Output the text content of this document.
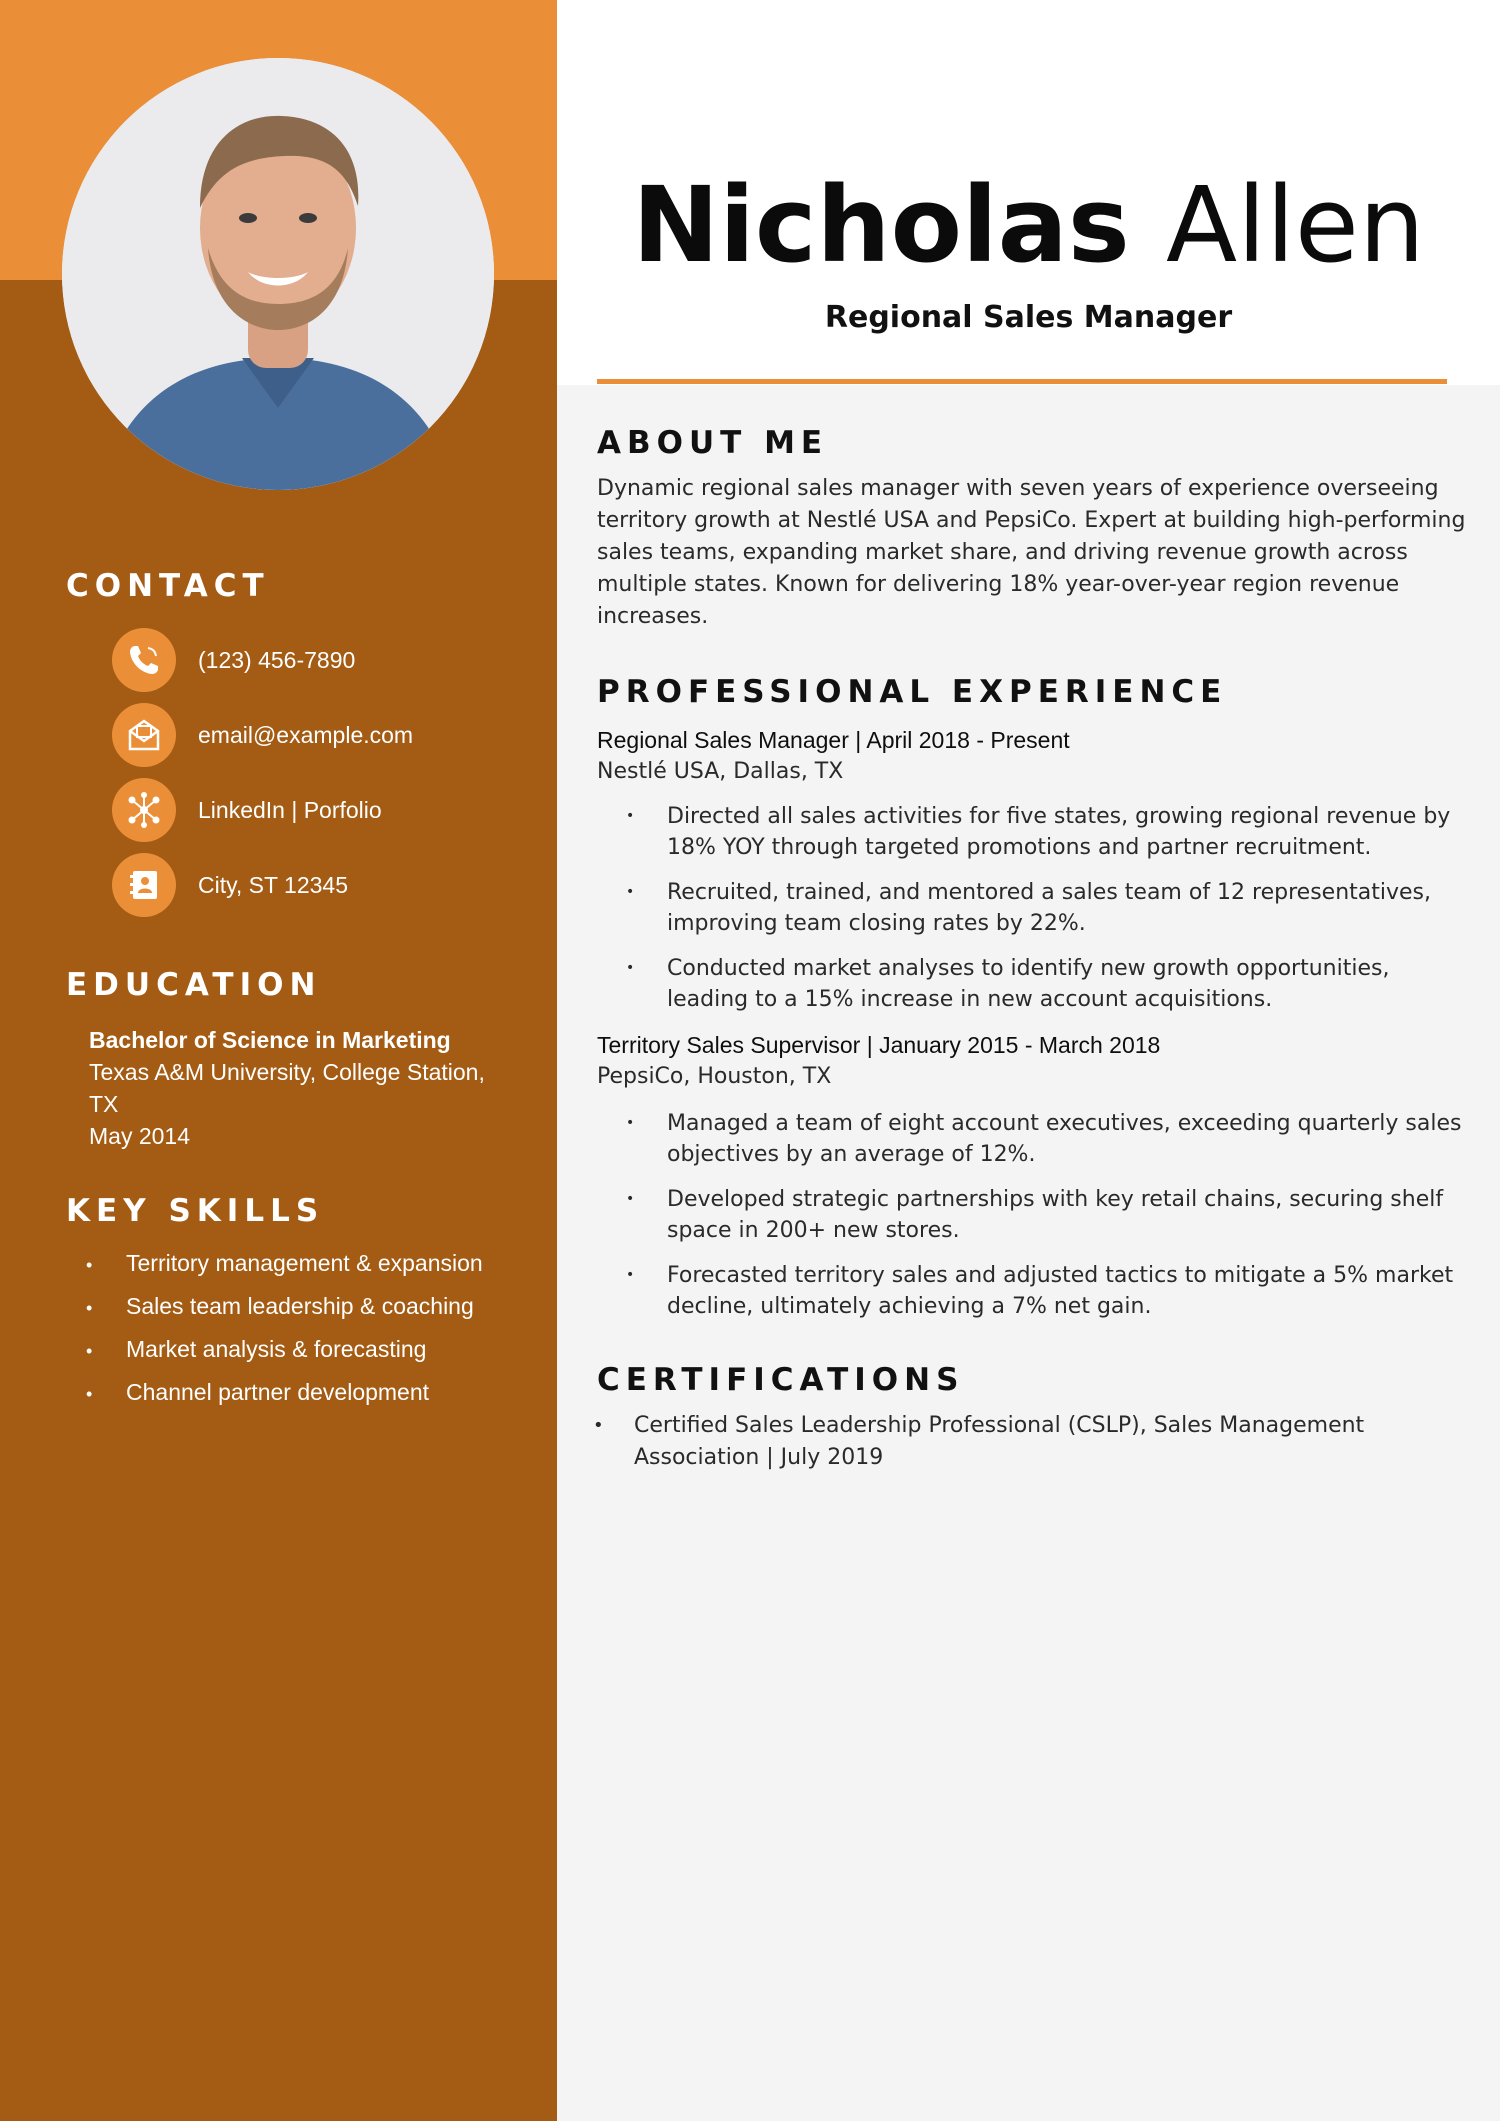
CONTACT
(123) 456-7890
email@example.com
LinkedIn | Porfolio
City, ST 12345
EDUCATION
Bachelor of Science in Marketing
Texas A&M University, College Station, TX
May 2014
KEY SKILLS
•	Territory management & expansion
•	Sales team leadership & coaching
•	Market analysis & forecasting
•	Channel partner development
Nicholas Allen
Regional Sales Manager
ABOUT ME

Dynamic regional sales manager with seven years of experience overseeing territory growth at Nestlé USA and PepsiCo. Expert at building high-performing sales teams, expanding market share, and driving revenue growth across multiple states. Known for delivering 18% year-over-year region revenue increases.

PROFESSIONAL EXPERIENCE
Regional Sales Manager | April 2018 - Present
Nestlé USA, Dallas, TX
•	Directed all sales activities for five states, growing regional revenue by 18% YOY through targeted promotions and partner recruitment.
•	Recruited, trained, and mentored a sales team of 12 representatives, improving team closing rates by 22%.
•	Conducted market analyses to identify new growth opportunities, leading to a 15% increase in new account acquisitions.
Territory Sales Supervisor | January 2015 - March 2018
PepsiCo, Houston, TX
•	Managed a team of eight account executives, exceeding quarterly sales objectives by an average of 12%.
•	Developed strategic partnerships with key retail chains, securing shelf space in 200+ new stores.
•	Forecasted territory sales and adjusted tactics to mitigate a 5% market decline, ultimately achieving a 7% net gain.
CERTIFICATIONS
•	Certified Sales Leadership Professional (CSLP), Sales Management Association | July 2019
